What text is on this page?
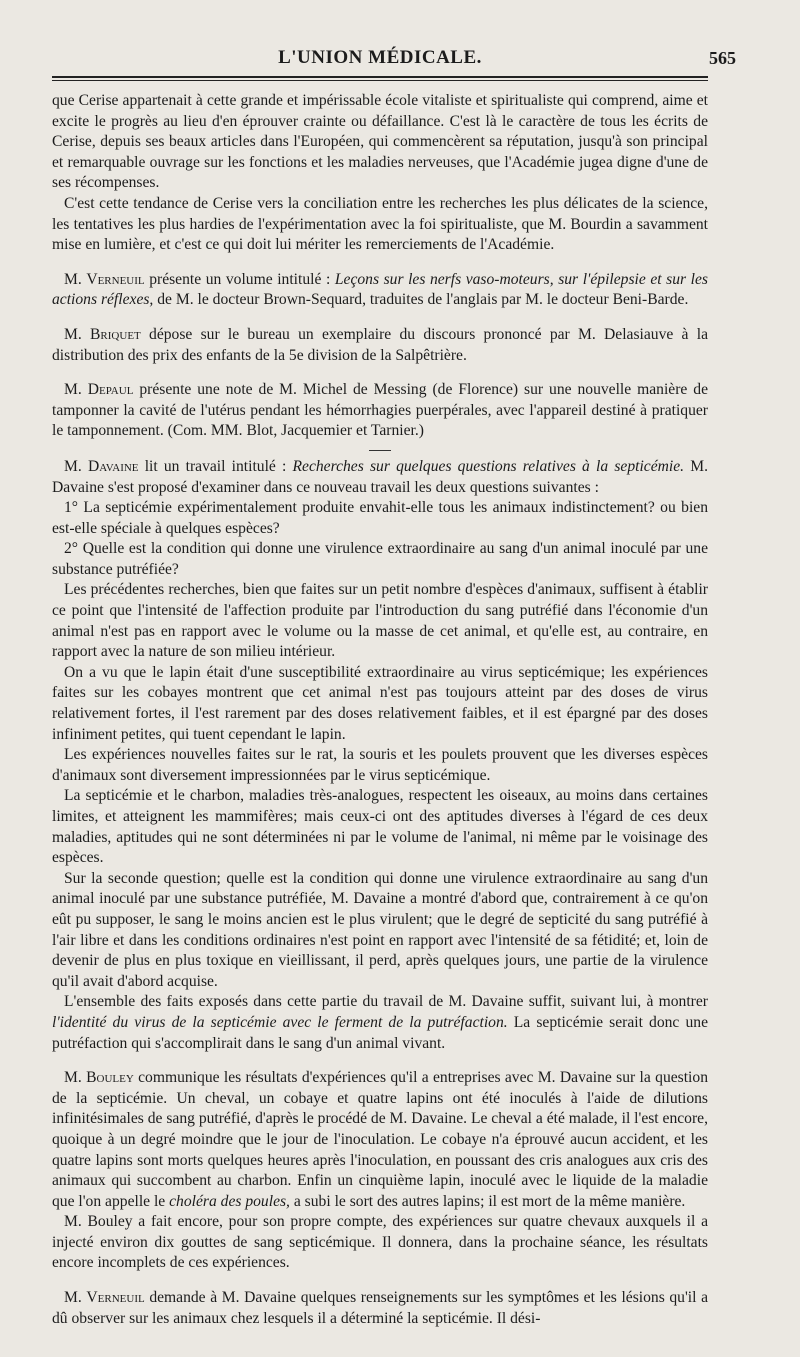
L'UNION MÉDICALE.	565

que Cerise appartenait à cette grande et impérissable école vitaliste et spiritualiste qui comprend, aime et excite le progrès au lieu d'en éprouver crainte ou défaillance. C'est là le caractère de tous les écrits de Cerise, depuis ses beaux articles dans l'Européen, qui commencèrent sa réputation, jusqu'à son principal et remarquable ouvrage sur les fonctions et les maladies nerveuses, que l'Académie jugea digne d'une de ses récompenses.

C'est cette tendance de Cerise vers la conciliation entre les recherches les plus délicates de la science, les tentatives les plus hardies de l'expérimentation avec la foi spiritualiste, que M. Bourdin a savamment mise en lumière, et c'est ce qui doit lui mériter les remerciements de l'Académie.

M. Verneuil présente un volume intitulé : Leçons sur les nerfs vaso-moteurs, sur l'épilepsie et sur les actions réflexes, de M. le docteur Brown-Sequard, traduites de l'anglais par M. le docteur Beni-Barde.

M. Briquet dépose sur le bureau un exemplaire du discours prononcé par M. Delasiauve à la distribution des prix des enfants de la 5e division de la Salpêtrière.

M. Depaul présente une note de M. Michel de Messing (de Florence) sur une nouvelle manière de tamponner la cavité de l'utérus pendant les hémorrhagies puerpérales, avec l'appareil destiné à pratiquer le tamponnement. (Com. MM. Blot, Jacquemier et Tarnier.)

M. Davaine lit un travail intitulé : Recherches sur quelques questions relatives à la septicémie. M. Davaine s'est proposé d'examiner dans ce nouveau travail les deux questions suivantes :

1° La septicémie expérimentalement produite envahit-elle tous les animaux indistinctement? ou bien est-elle spéciale à quelques espèces?

2° Quelle est la condition qui donne une virulence extraordinaire au sang d'un animal inoculé par une substance putréfiée?

Les précédentes recherches, bien que faites sur un petit nombre d'espèces d'animaux, suffisent à établir ce point que l'intensité de l'affection produite par l'introduction du sang putréfié dans l'économie d'un animal n'est pas en rapport avec le volume ou la masse de cet animal, et qu'elle est, au contraire, en rapport avec la nature de son milieu intérieur.

On a vu que le lapin était d'une susceptibilité extraordinaire au virus septicémique; les expériences faites sur les cobayes montrent que cet animal n'est pas toujours atteint par des doses de virus relativement fortes, il l'est rarement par des doses relativement faibles, et il est épargné par des doses infiniment petites, qui tuent cependant le lapin.

Les expériences nouvelles faites sur le rat, la souris et les poulets prouvent que les diverses espèces d'animaux sont diversement impressionnées par le virus septicémique.

La septicémie et le charbon, maladies très-analogues, respectent les oiseaux, au moins dans certaines limites, et atteignent les mammifères; mais ceux-ci ont des aptitudes diverses à l'égard de ces deux maladies, aptitudes qui ne sont déterminées ni par le volume de l'animal, ni même par le voisinage des espèces.

Sur la seconde question; quelle est la condition qui donne une virulence extraordinaire au sang d'un animal inoculé par une substance putréfiée, M. Davaine a montré d'abord que, contrairement à ce qu'on eût pu supposer, le sang le moins ancien est le plus virulent; que le degré de septicité du sang putréfié à l'air libre et dans les conditions ordinaires n'est point en rapport avec l'intensité de sa fétidité; et, loin de devenir de plus en plus toxique en vieillissant, il perd, après quelques jours, une partie de la virulence qu'il avait d'abord acquise.

L'ensemble des faits exposés dans cette partie du travail de M. Davaine suffit, suivant lui, à montrer l'identité du virus de la septicémie avec le ferment de la putréfaction. La septicémie serait donc une putréfaction qui s'accomplirait dans le sang d'un animal vivant.

M. Bouley communique les résultats d'expériences qu'il a entreprises avec M. Davaine sur la question de la septicémie. Un cheval, un cobaye et quatre lapins ont été inoculés à l'aide de dilutions infinitésimales de sang putréfié, d'après le procédé de M. Davaine. Le cheval a été malade, il l'est encore, quoique à un degré moindre que le jour de l'inoculation. Le cobaye n'a éprouvé aucun accident, et les quatre lapins sont morts quelques heures après l'inoculation, en poussant des cris analogues aux cris des animaux qui succombent au charbon. Enfin un cinquième lapin, inoculé avec le liquide de la maladie que l'on appelle le choléra des poules, a subi le sort des autres lapins; il est mort de la même manière.

M. Bouley a fait encore, pour son propre compte, des expériences sur quatre chevaux auxquels il a injecté environ dix gouttes de sang septicémique. Il donnera, dans la prochaine séance, les résultats encore incomplets de ces expériences.

M. Verneuil demande à M. Davaine quelques renseignements sur les symptômes et les lésions qu'il a dû observer sur les animaux chez lesquels il a déterminé la septicémie. Il dési-
